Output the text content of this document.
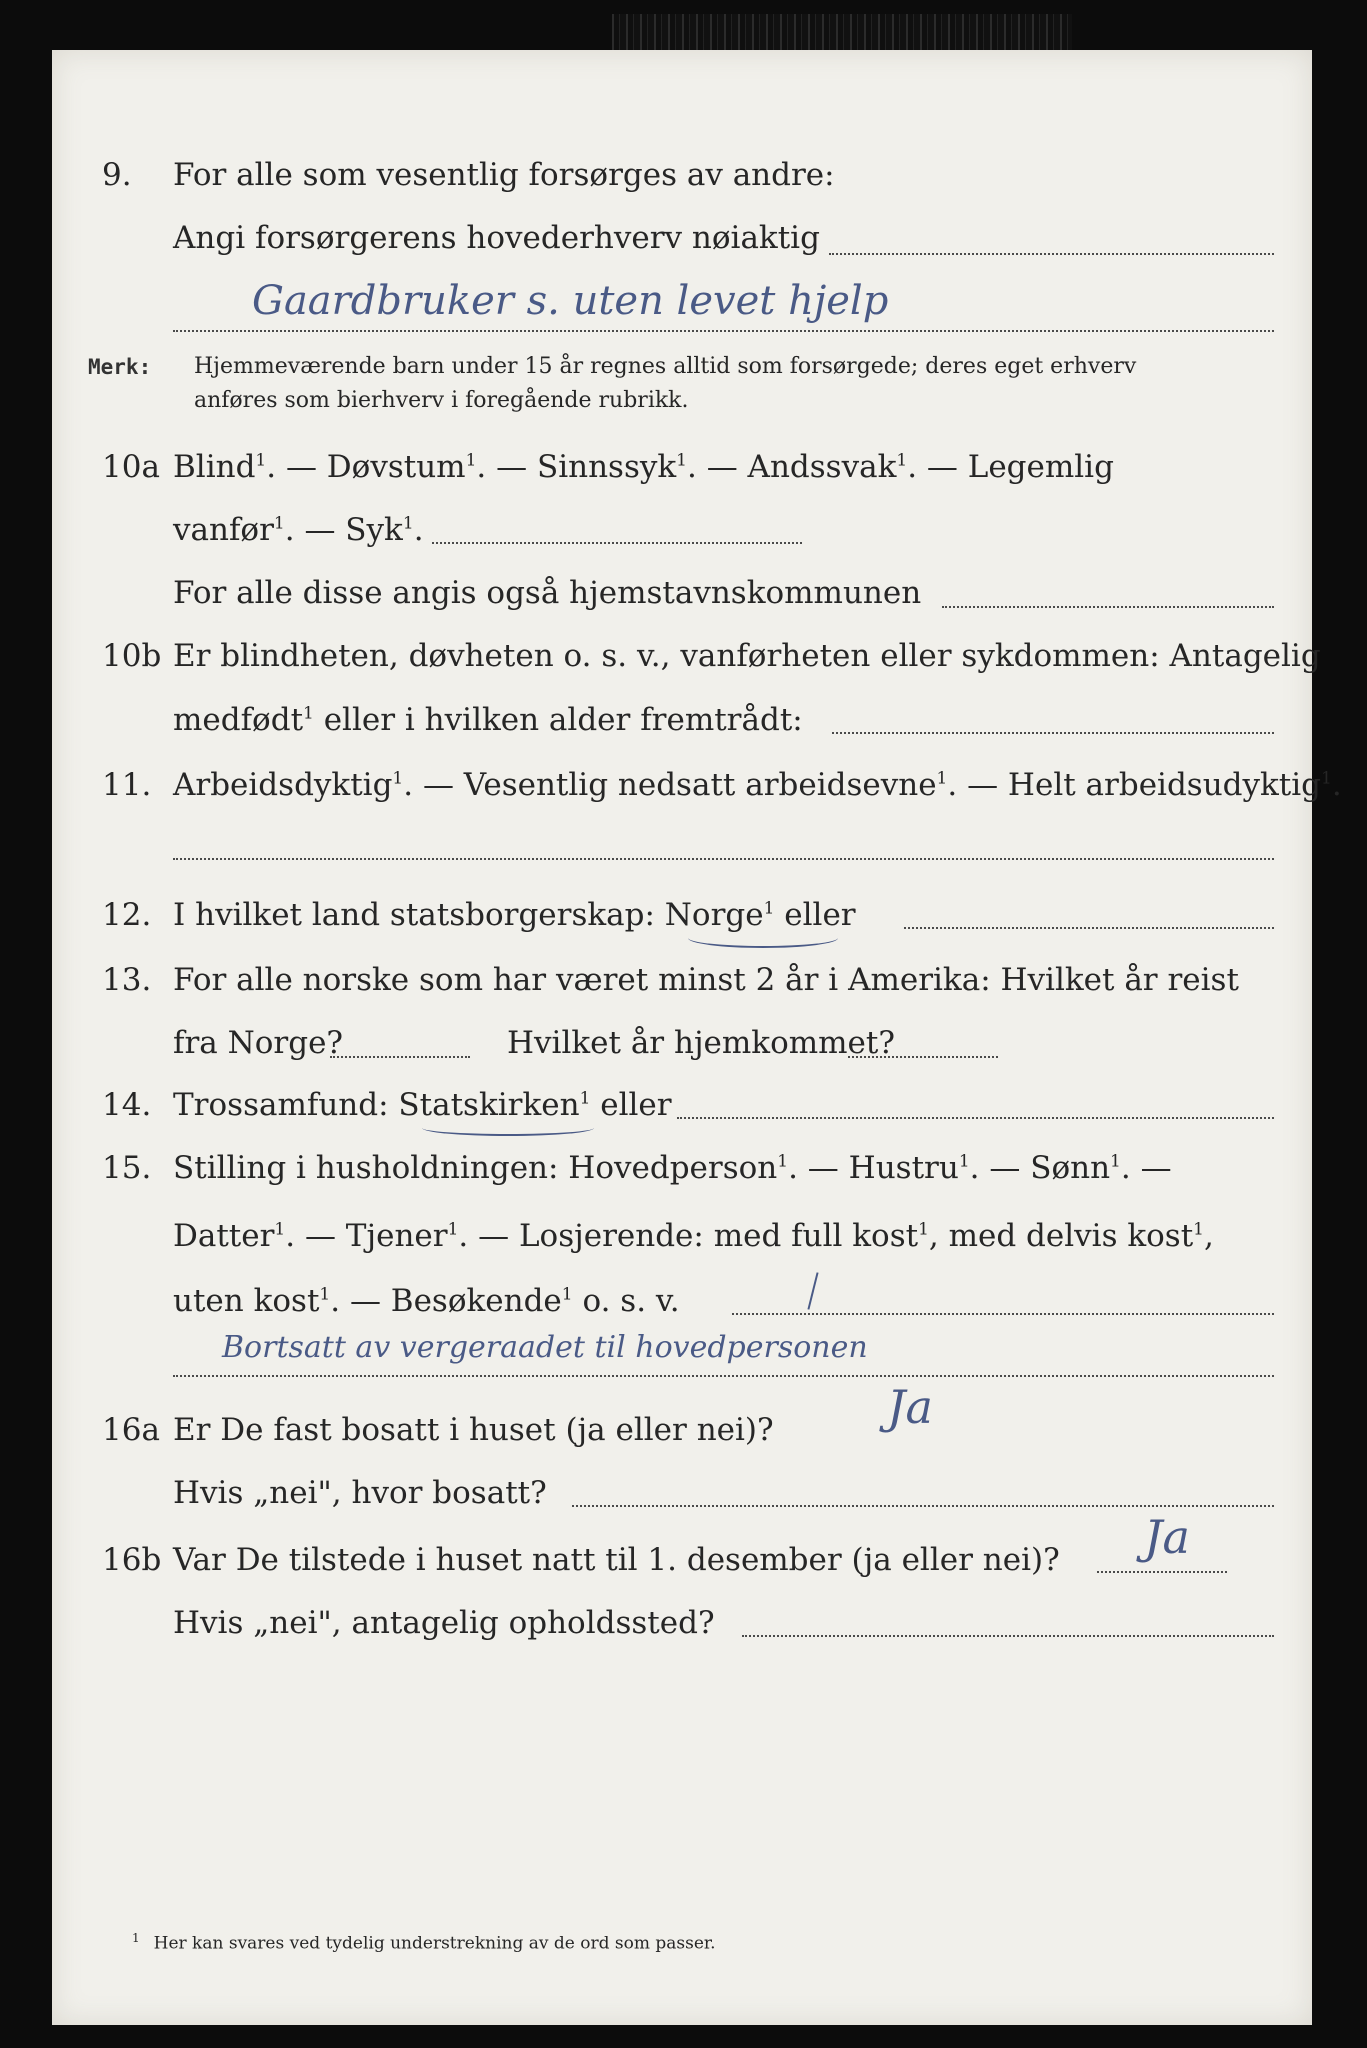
9. For alle som vesentlig forsørges av andre:
Angi forsørgerens hovederhverv nøiaktig
Gaardbruker s. uten levet hjelp
Merk: Hjemmeværende barn under 15 år regnes alltid som forsørgede; deres eget erhverv
anføres som bierhverv i foregående rubrikk.
10a Blind$^1$. — Døvstum$^1$. — Sinnssyk$^1$. — Andssvak$^1$. — Legemlig
vanfør$^1$. — Syk$^1$.
For alle disse angis også hjemstavnskommunen
10b Er blindheten, døvheten o. s. v., vanførheten eller sykdommen: Antagelig
medfødt$^1$ eller i hvilken alder fremtrådt:
11. Arbeidsdyktig$^1$. — Vesentlig nedsatt arbeidsevne$^1$. — Helt arbeidsudyktig$^1$.
12. I hvilket land statsborgerskap: Norge$^1$ eller
13. For alle norske som har været minst 2 år i Amerika: Hvilket år reist
fra Norge?	Hvilket år hjemkommet?
14. Trossamfund: Statskirken$^1$ eller
15. Stilling i husholdningen: Hovedperson$^1$. — Hustru$^1$. — Sønn$^1$. —
Datter$^1$. — Tjener$^1$. — Losjerende: med full kost$^1$, med delvis kost$^1$,
uten kost$^1$. — Besøkende$^1$ o. s. v.
Bortsatt av vergeraadet til hovedpersonen
16a Er De fast bosatt i huset (ja eller nei)? Ja
Hvis „nei", hvor bosatt?
16b Var De tilstede i huset natt til 1. desember (ja eller nei)? Ja
Hvis „nei", antagelig opholdssted?
$^1$ Her kan svares ved tydelig understrekning av de ord som passer.
